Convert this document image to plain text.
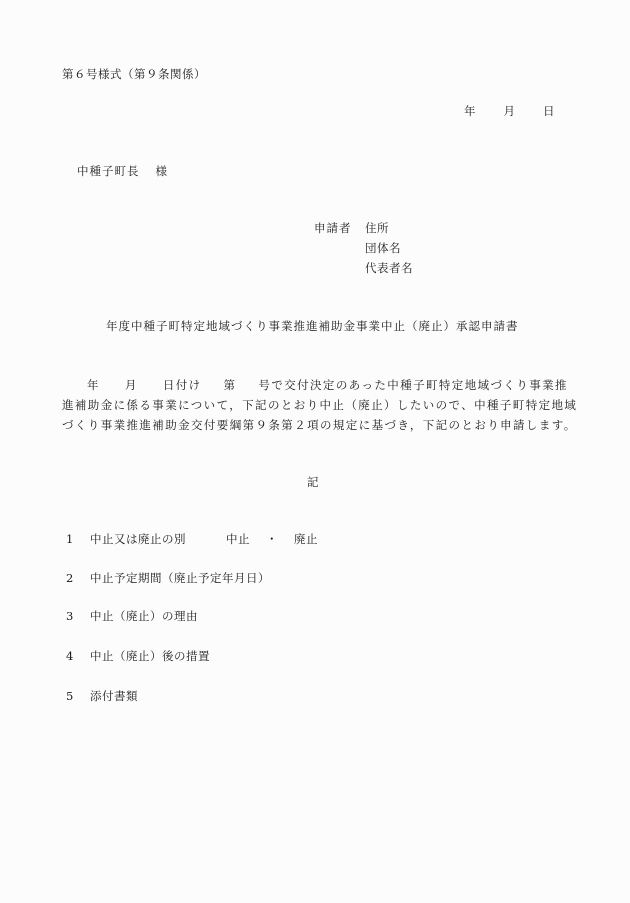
第６号様式（第９条関係）
年 月 日
中種子町長 様
申請者 住所
団体名
代表者名
年度中種子町特定地域づくり事業推進補助金事業中止（廃止）承認申請書
年 月 日付け 第 号で交付決定のあった中種子町特定地域づくり事業推
進補助金に係る事業について，下記のとおり中止（廃止）したいので、中種子町特定地域
づくり事業推進補助金交付要綱第９条第２項の規定に基づき，下記のとおり申請します。
記
1 中止又は廃止の別	中止 ・ 廃止
2 中止予定期間（廃止予定年月日）
3 中止（廃止）の理由
4 中止（廃止）後の措置
5 添付書類
